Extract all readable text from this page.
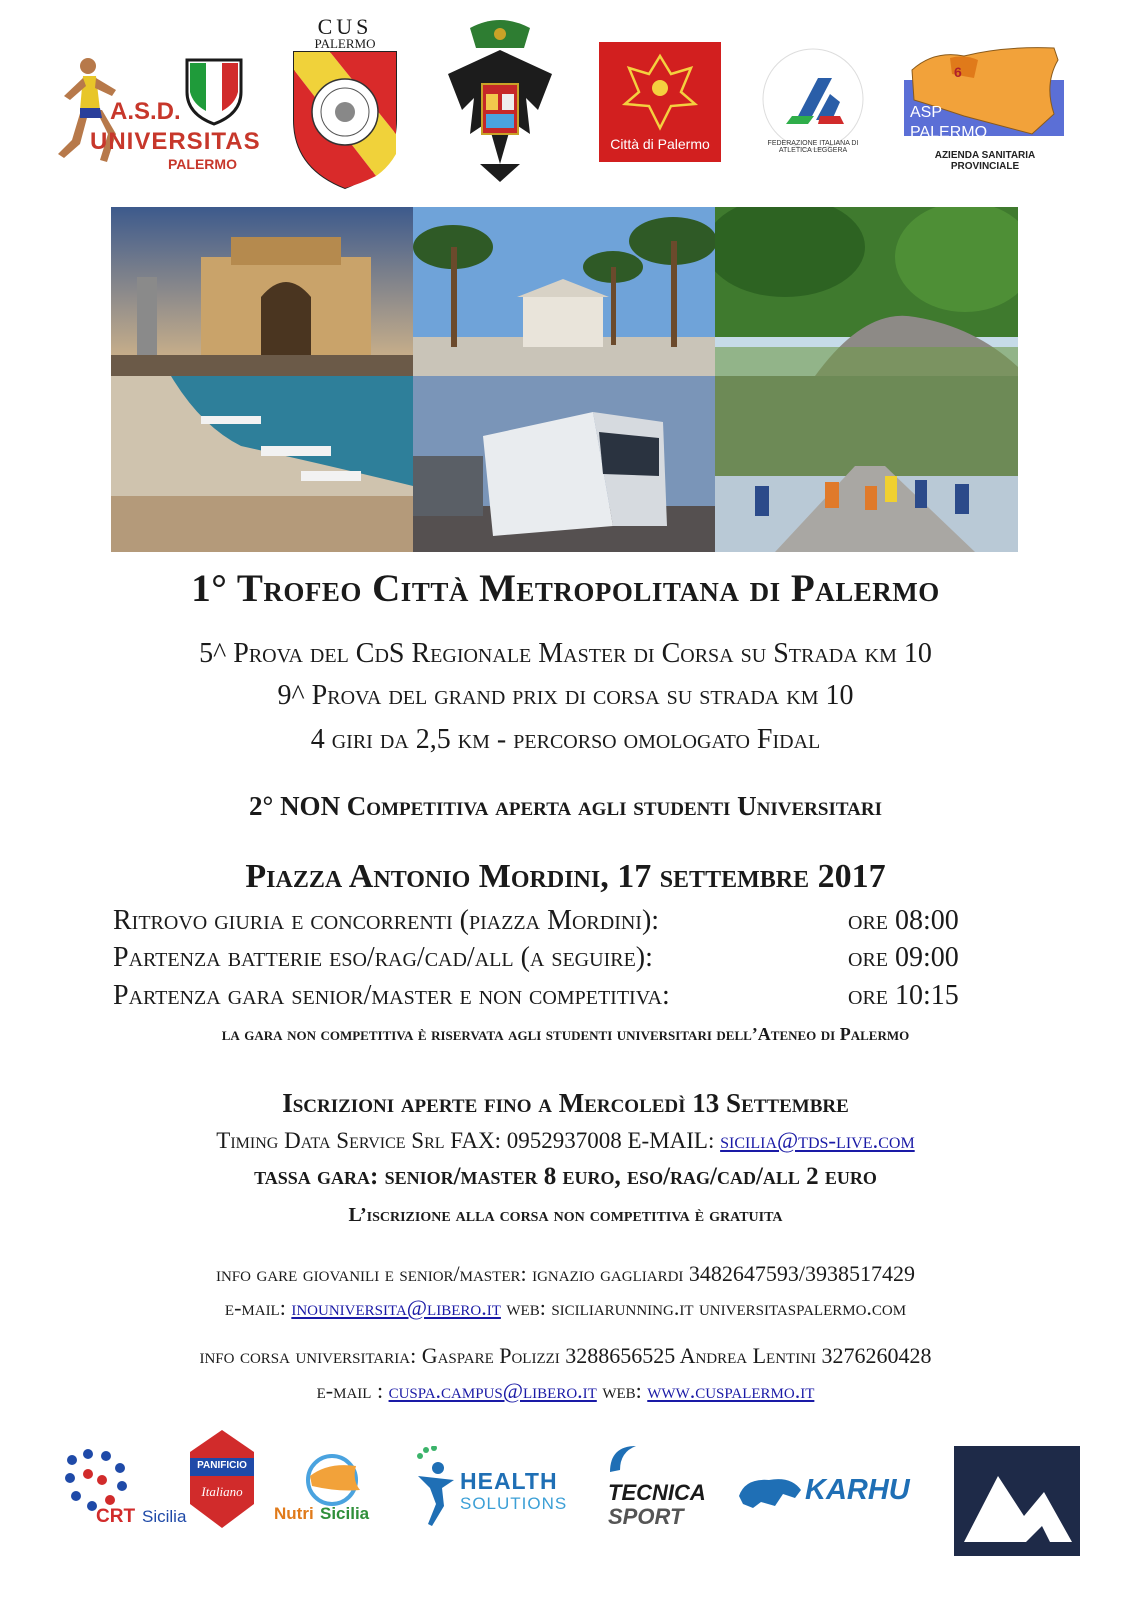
A.S.D.
UNIVERSITAS
PALERMO
CUS
PALERMO
Città di Palermo	FEDERAZIONE ITALIANA DI ATLETICA LEGGERA
6
ASP
PALERMO
AZIENDA SANITARIA PROVINCIALE
1° Trofeo Città Metropolitana di Palermo
5^ Prova del CdS Regionale Master di Corsa su Strada km 10
9^ Prova del grand prix di corsa su strada km 10
4 giri da 2,5 km - percorso omologato Fidal
2° NON Competitiva aperta agli studenti Universitari
Piazza Antonio Mordini, 17 settembre 2017
Ritrovo giuria e concorrenti (piazza Mordini):	ore 08:00
Partenza batterie eso/rag/cad/all (a seguire):	ore 09:00
Partenza gara senior/master e non competitiva:	ore 10:15
la gara non competitiva è riservata agli studenti universitari dell’Ateneo di Palermo
Iscrizioni aperte fino a Mercoledì 13 Settembre
Timing Data Service Srl FAX: 0952937008 E-MAIL: sicilia@tds-live.com
tassa gara: senior/master 8 euro, eso/rag/cad/all 2 euro
L’iscrizione alla corsa non competitiva è gratuita
info gare giovanili e senior/master: ignazio gagliardi 3482647593/3938517429
e-mail: inouniversita@libero.it web: siciliarunning.it universitaspalermo.com
info corsa universitaria: Gaspare Polizzi 3288656525 Andrea Lentini 3276260428
e-mail : cuspa.campus@libero.it web: www.cuspalermo.it
CRT Sicilia
PANIFICIO
Italiano
Nutri Sicilia
HEALTH
SOLUTIONS TECNICA
SPORT
KARHU
